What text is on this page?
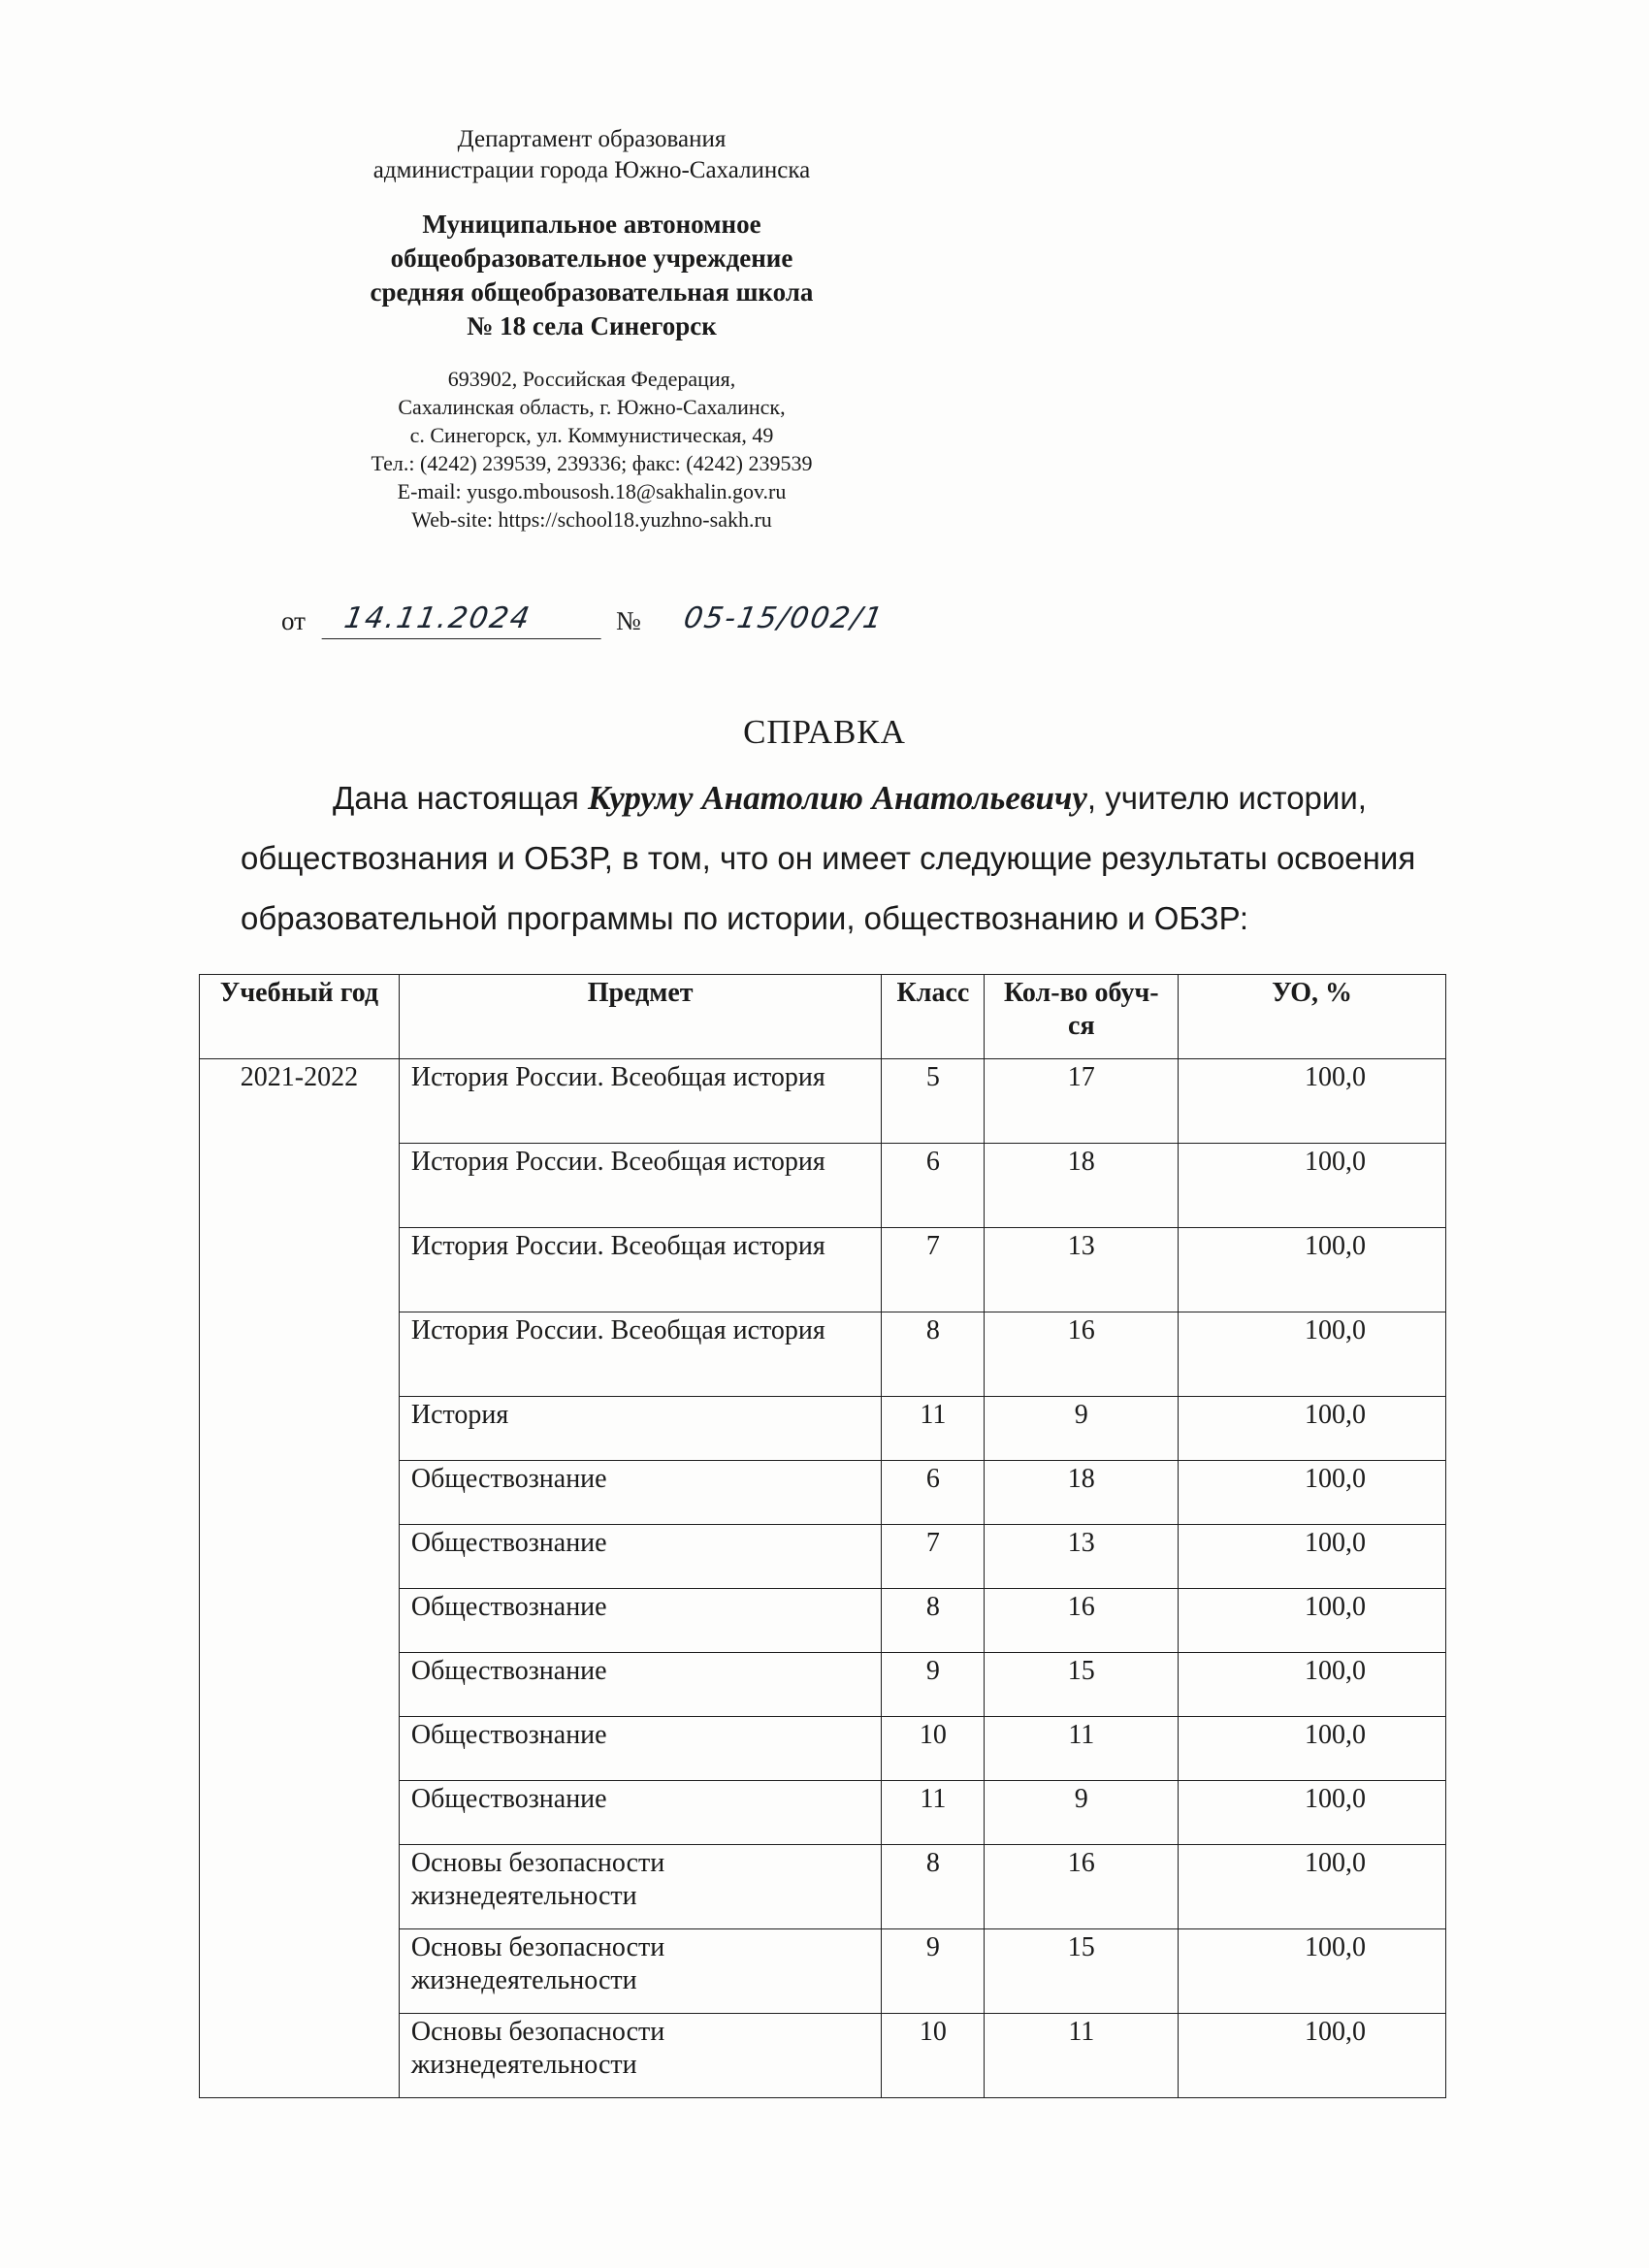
Департамент образования
администрации города Южно-Сахалинска
Муниципальное автономное
общеобразовательное учреждение
средняя общеобразовательная школа
№ 18 села Синегорск
693902, Российская Федерация,
Сахалинская область, г. Южно-Сахалинск,
с. Синегорск, ул. Коммунистическая, 49
Тел.: (4242) 239539, 239336; факс: (4242) 239539
E-mail: yusgo.mbousosh.18@sakhalin.gov.ru
Web-site: https://school18.yuzhno-sakh.ru
от	14.11.2024	№	05-15/002/1
СПРАВКА
Дана настоящая Куруму Анатолию Анатольевичу, учителю истории, обществознания и ОБЗР, в том, что он имеет следующие результаты освоения образовательной программы по истории, обществознанию и ОБЗР:
Учебный год	Предмет	Класс	Кол-во обуч-ся	УО, %
2021-2022	История России. Всеобщая история	5	17	100,0
	История России. Всеобщая история	6	18	100,0
	История России. Всеобщая история	7	13	100,0
	История России. Всеобщая история	8	16	100,0
	История	11	9	100,0
	Обществознание	6	18	100,0
	Обществознание	7	13	100,0
	Обществознание	8	16	100,0
	Обществознание	9	15	100,0
	Обществознание	10	11	100,0
	Обществознание	11	9	100,0
	Основы безопасности жизнедеятельности	8	16	100,0
	Основы безопасности жизнедеятельности	9	15	100,0
	Основы безопасности жизнедеятельности	10	11	100,0
